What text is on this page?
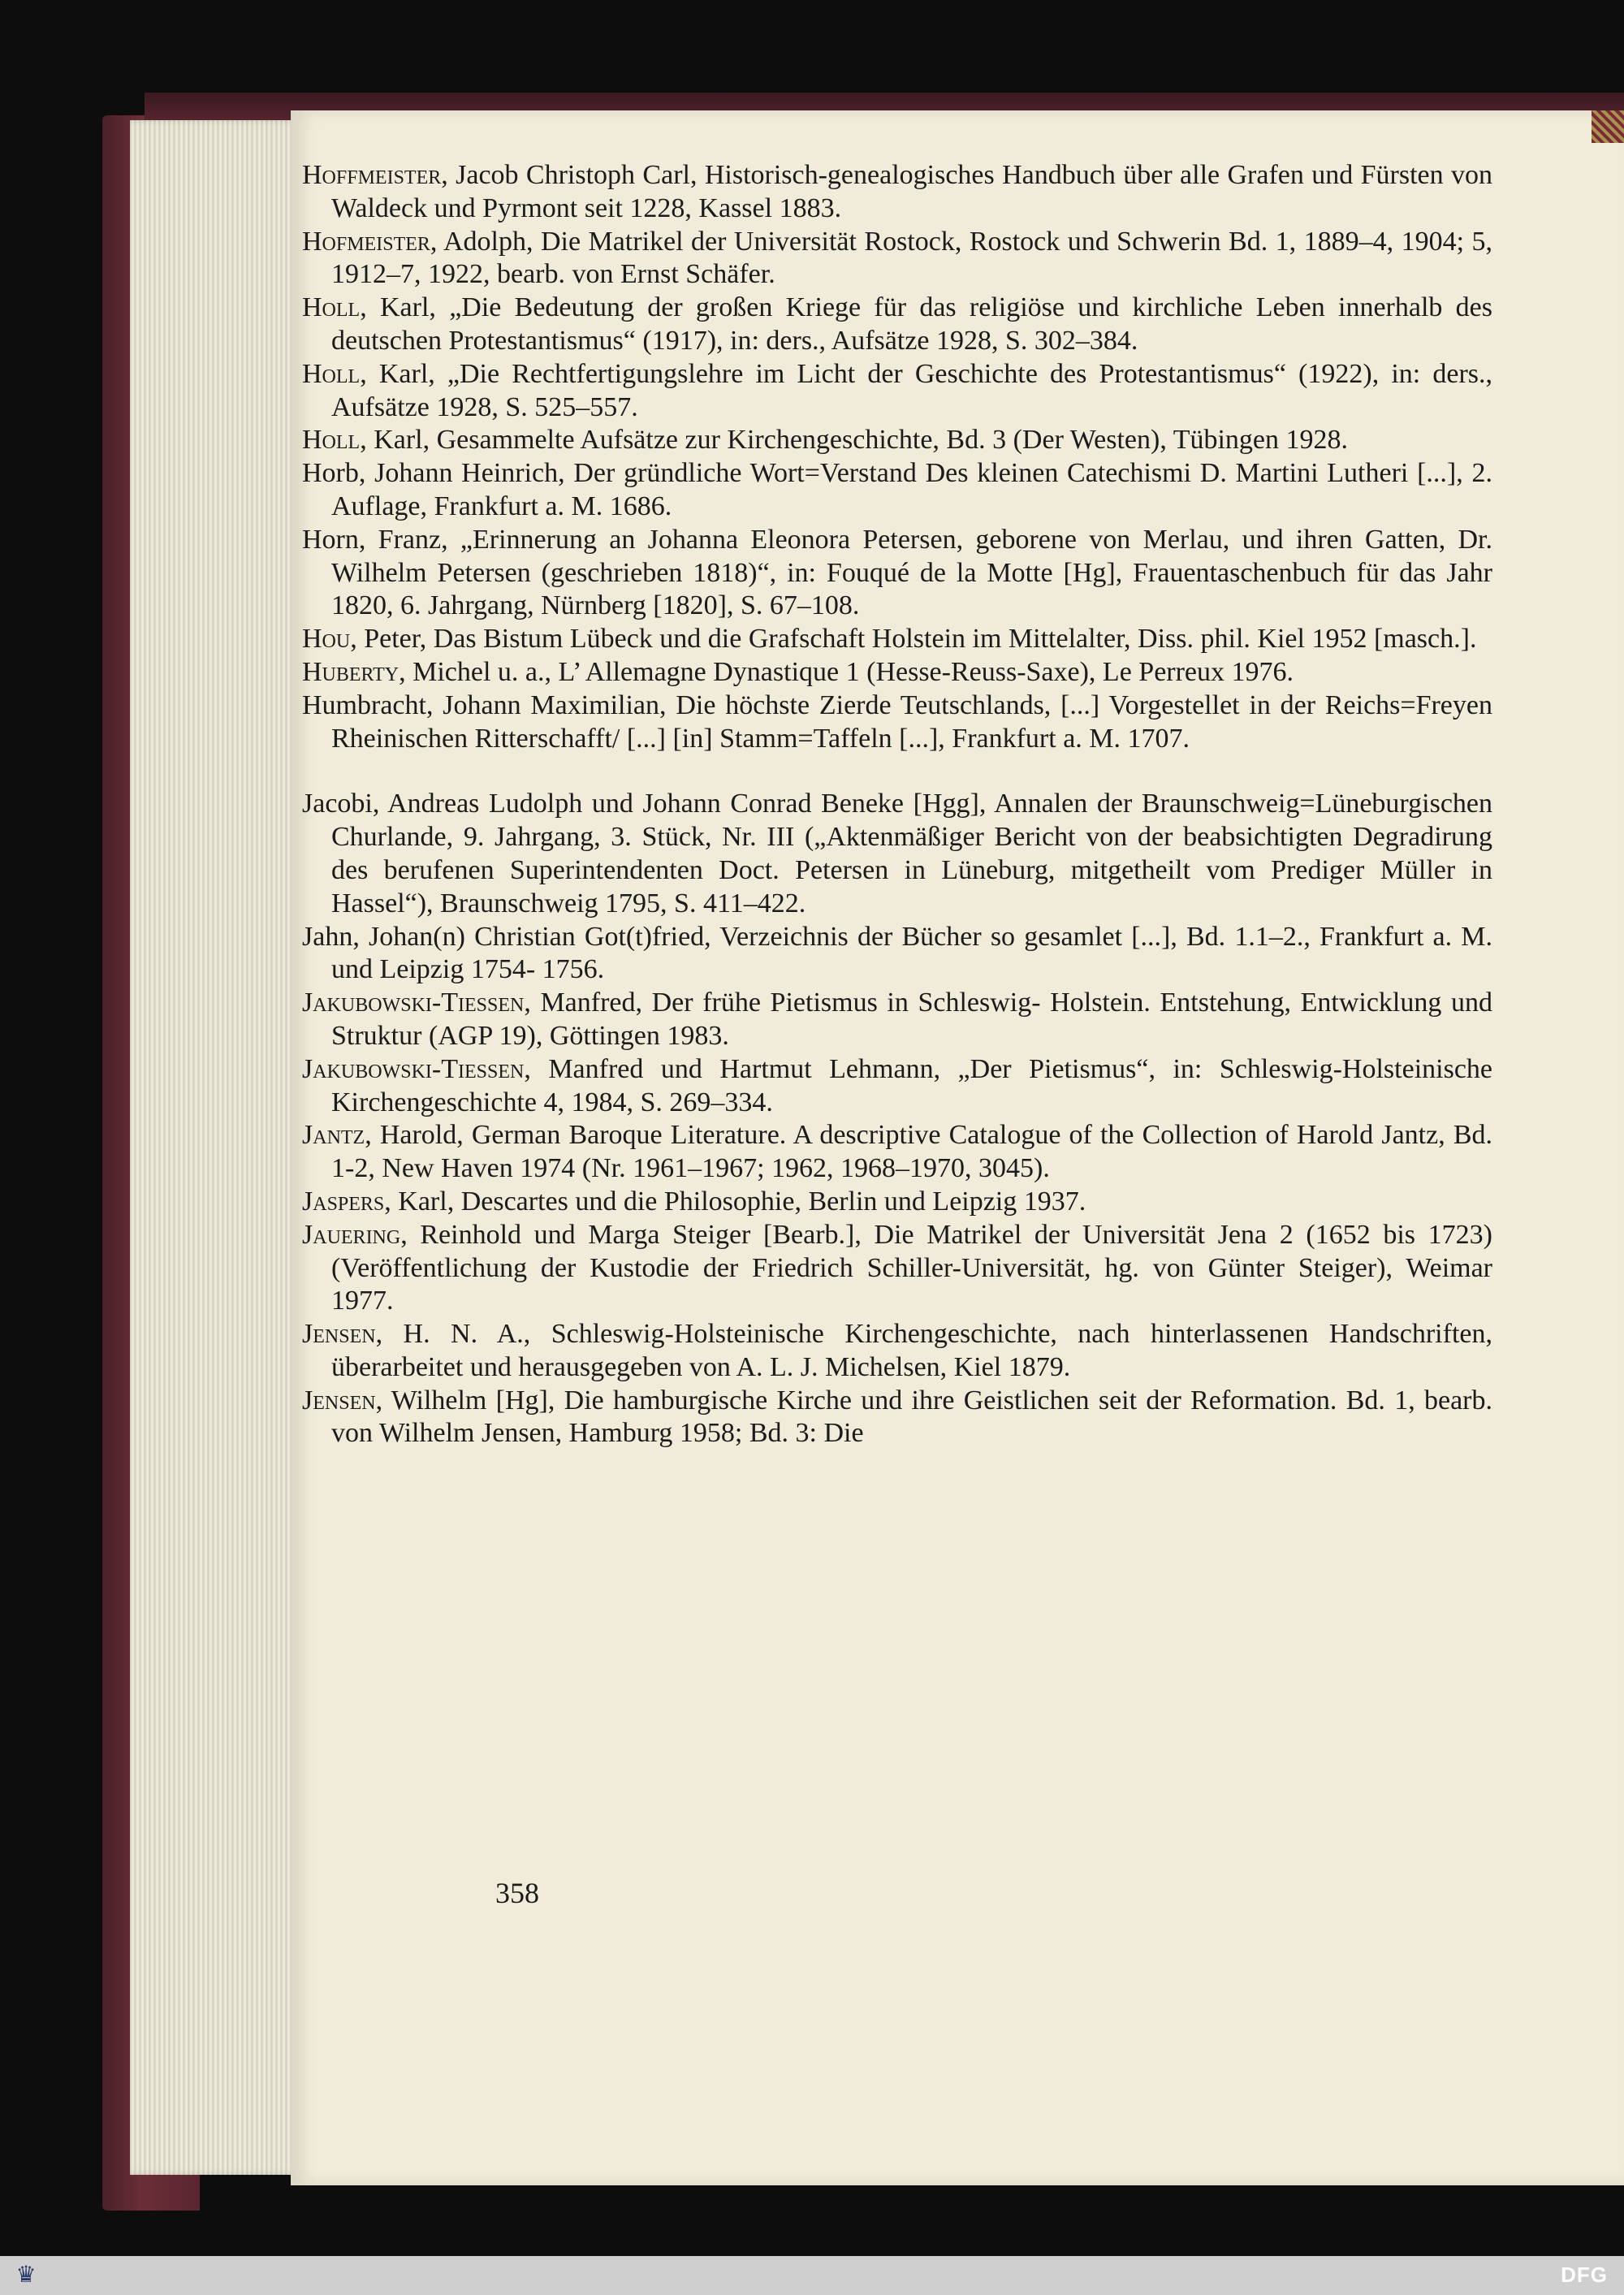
Hoffmeister, Jacob Christoph Carl, Historisch-genealogisches Handbuch über alle Grafen und Fürsten von Waldeck und Pyrmont seit 1228, Kassel 1883.

Hofmeister, Adolph, Die Matrikel der Universität Rostock, Rostock und Schwerin Bd. 1, 1889–4, 1904; 5, 1912–7, 1922, bearb. von Ernst Schäfer.

Holl, Karl, „Die Bedeutung der großen Kriege für das religiöse und kirchliche Leben innerhalb des deutschen Protestantismus“ (1917), in: ders., Aufsätze 1928, S. 302–384.

Holl, Karl, „Die Rechtfertigungslehre im Licht der Geschichte des Protestantismus“ (1922), in: ders., Aufsätze 1928, S. 525–557.

Holl, Karl, Gesammelte Aufsätze zur Kirchengeschichte, Bd. 3 (Der Westen), Tübingen 1928.

Horb, Johann Heinrich, Der gründliche Wort=Verstand Des kleinen Catechismi D. Martini Lutheri [...], 2. Auflage, Frankfurt a. M. 1686.

Horn, Franz, „Erinnerung an Johanna Eleonora Petersen, geborene von Merlau, und ihren Gatten, Dr. Wilhelm Petersen (geschrieben 1818)“, in: Fouqué de la Motte [Hg], Frauentaschenbuch für das Jahr 1820, 6. Jahrgang, Nürnberg [1820], S. 67–108.

Hou, Peter, Das Bistum Lübeck und die Grafschaft Holstein im Mittelalter, Diss. phil. Kiel 1952 [masch.].

Huberty, Michel u. a., L’ Allemagne Dynastique 1 (Hesse-Reuss-Saxe), Le Perreux 1976.

Humbracht, Johann Maximilian, Die höchste Zierde Teutschlands, [...] Vorgestellet in der Reichs=Freyen Rheinischen Ritterschafft/ [...] [in] Stamm=Taffeln [...], Frankfurt a. M. 1707.

Jacobi, Andreas Ludolph und Johann Conrad Beneke [Hgg], Annalen der Braunschweig=Lüneburgischen Churlande, 9. Jahrgang, 3. Stück, Nr. III („Aktenmäßiger Bericht von der beabsichtigten Degradirung des berufenen Superintendenten Doct. Petersen in Lüneburg, mitgetheilt vom Prediger Müller in Hassel“), Braunschweig 1795, S. 411–422.

Jahn, Johan(n) Christian Got(t)fried, Verzeichnis der Bücher so gesamlet [...], Bd. 1.1–2., Frankfurt a. M. und Leipzig 1754- 1756.

Jakubowski-Tiessen, Manfred, Der frühe Pietismus in Schleswig- Holstein. Entstehung, Entwicklung und Struktur (AGP 19), Göttingen 1983.

Jakubowski-Tiessen, Manfred und Hartmut Lehmann, „Der Pietismus“, in: Schleswig-Holsteinische Kirchengeschichte 4, 1984, S. 269–334.

Jantz, Harold, German Baroque Literature. A descriptive Catalogue of the Collection of Harold Jantz, Bd. 1-2, New Haven 1974 (Nr. 1961–1967; 1962, 1968–1970, 3045).

Jaspers, Karl, Descartes und die Philosophie, Berlin und Leipzig 1937.

Jauering, Reinhold und Marga Steiger [Bearb.], Die Matrikel der Universität Jena 2 (1652 bis 1723) (Veröffentlichung der Kustodie der Friedrich Schiller-Universität, hg. von Günter Steiger), Weimar 1977.

Jensen, H. N. A., Schleswig-Holsteinische Kirchengeschichte, nach hinterlassenen Handschriften, überarbeitet und herausgegeben von A. L. J. Michelsen, Kiel 1879.

Jensen, Wilhelm [Hg], Die hamburgische Kirche und ihre Geistlichen seit der Reformation. Bd. 1, bearb. von Wilhelm Jensen, Hamburg 1958; Bd. 3: Die

358
♛	DFG
